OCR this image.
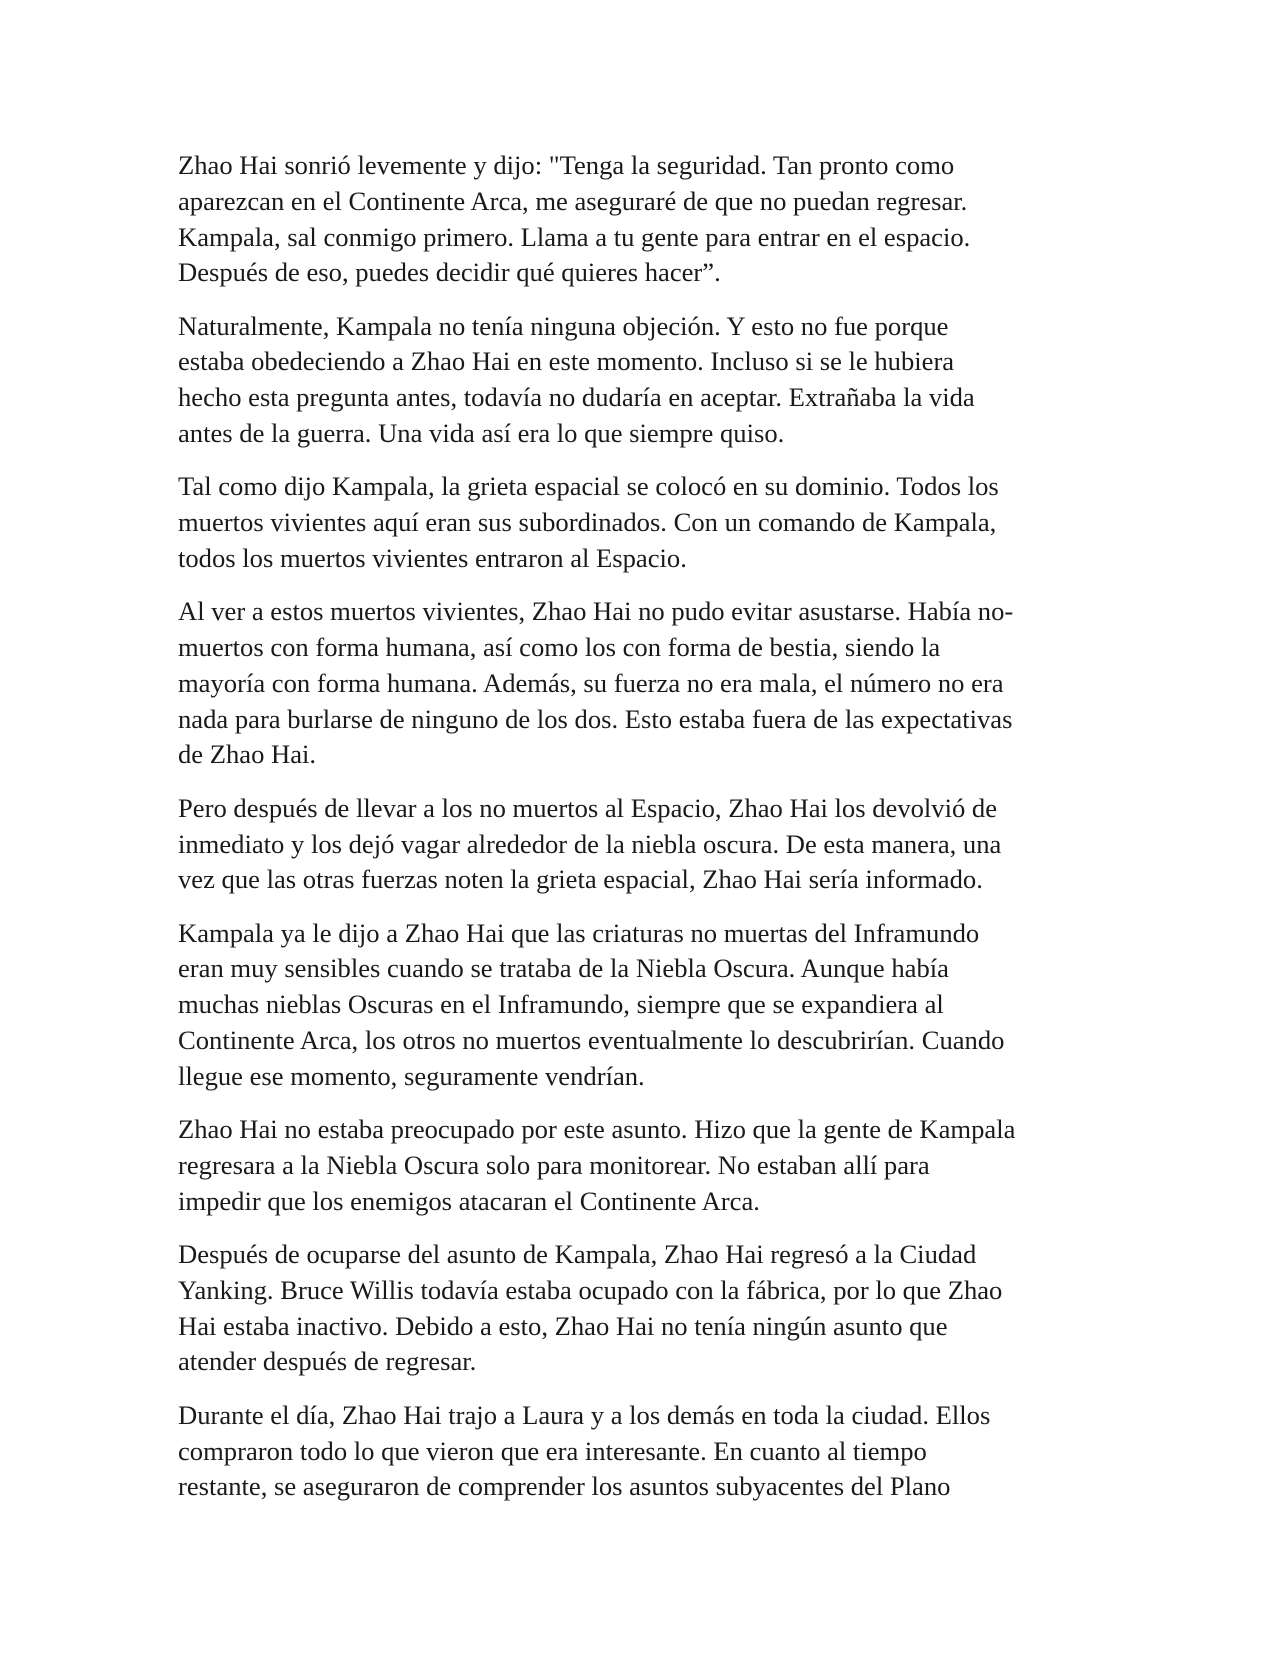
Zhao Hai sonrió levemente y dijo: "Tenga la seguridad. Tan pronto como
aparezcan en el Continente Arca, me aseguraré de que no puedan regresar.
Kampala, sal conmigo primero. Llama a tu gente para entrar en el espacio.
Después de eso, puedes decidir qué quieres hacer”.

Naturalmente, Kampala no tenía ninguna objeción. Y esto no fue porque
estaba obedeciendo a Zhao Hai en este momento. Incluso si se le hubiera
hecho esta pregunta antes, todavía no dudaría en aceptar. Extrañaba la vida
antes de la guerra. Una vida así era lo que siempre quiso.

Tal como dijo Kampala, la grieta espacial se colocó en su dominio. Todos los
muertos vivientes aquí eran sus subordinados. Con un comando de Kampala,
todos los muertos vivientes entraron al Espacio.

Al ver a estos muertos vivientes, Zhao Hai no pudo evitar asustarse. Había no-
muertos con forma humana, así como los con forma de bestia, siendo la
mayoría con forma humana. Además, su fuerza no era mala, el número no era
nada para burlarse de ninguno de los dos. Esto estaba fuera de las expectativas
de Zhao Hai.

Pero después de llevar a los no muertos al Espacio, Zhao Hai los devolvió de
inmediato y los dejó vagar alrededor de la niebla oscura. De esta manera, una
vez que las otras fuerzas noten la grieta espacial, Zhao Hai sería informado.

Kampala ya le dijo a Zhao Hai que las criaturas no muertas del Inframundo
eran muy sensibles cuando se trataba de la Niebla Oscura. Aunque había
muchas nieblas Oscuras en el Inframundo, siempre que se expandiera al
Continente Arca, los otros no muertos eventualmente lo descubrirían. Cuando
llegue ese momento, seguramente vendrían.

Zhao Hai no estaba preocupado por este asunto. Hizo que la gente de Kampala
regresara a la Niebla Oscura solo para monitorear. No estaban allí para
impedir que los enemigos atacaran el Continente Arca.

Después de ocuparse del asunto de Kampala, Zhao Hai regresó a la Ciudad
Yanking. Bruce Willis todavía estaba ocupado con la fábrica, por lo que Zhao
Hai estaba inactivo. Debido a esto, Zhao Hai no tenía ningún asunto que
atender después de regresar.

Durante el día, Zhao Hai trajo a Laura y a los demás en toda la ciudad. Ellos
compraron todo lo que vieron que era interesante. En cuanto al tiempo
restante, se aseguraron de comprender los asuntos subyacentes del Plano
